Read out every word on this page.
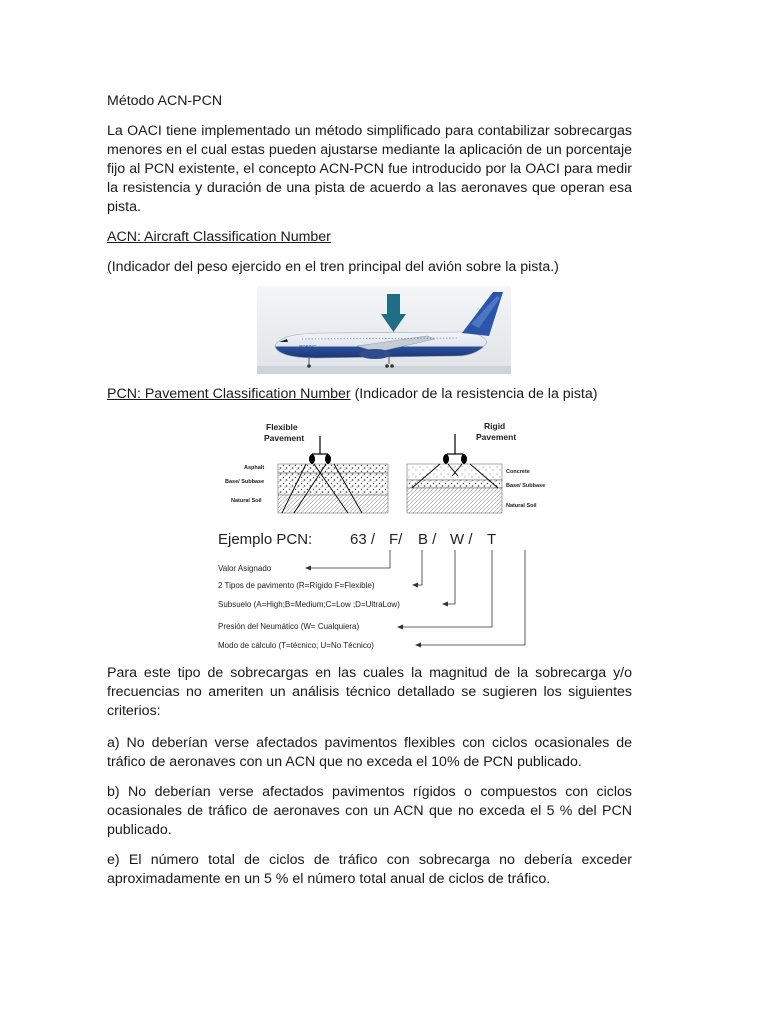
Método ACN-PCN
La OACI tiene implementado un método simplificado para contabilizar sobrecargas menores en el cual estas pueden ajustarse mediante la aplicación de un porcentaje fijo al PCN existente, el concepto ACN-PCN fue introducido por la OACI para medir la resistencia y duración de una pista de acuerdo a las aeronaves que operan esa pista.
ACN: Aircraft Classification Number
(Indicador del peso ejercido en el tren principal del avión sobre la pista.)
PCN: Pavement Classification Number (Indicador de la resistencia de la pista)
Para este tipo de sobrecargas en las cuales la magnitud de la sobrecarga y/o frecuencias no ameriten un análisis técnico detallado se sugieren los siguientes criterios:
a) No deberían verse afectados pavimentos flexibles con ciclos ocasionales de tráfico de aeronaves con un ACN que no exceda el 10% de PCN publicado.
b) No deberían verse afectados pavimentos rígidos o compuestos con ciclos ocasionales de tráfico de aeronaves con un ACN que no exceda el 5 % del PCN publicado.
e) El número total de ciclos de tráfico con sobrecarga no debería exceder aproximadamente en un 5 % el número total anual de ciclos de tráfico.
BOEING
Flexible
Pavement
Asphalt
Base/ Subbase
Natural Soil
Rigid
Pavement
Concrete
Base/ Subbase
Natural Soil
Ejemplo PCN:	63 / F/ B / W / T
Valor Asignado
2 Tipos de pavimento (R=Rígido F=Flexible)
Subsuelo (A=High;B=Medium;C=Low ;D=UltraLow)
Presión del Neumático (W= Cualquiera)
Modo de cálculo (T=técnico; U=No Técnico)
